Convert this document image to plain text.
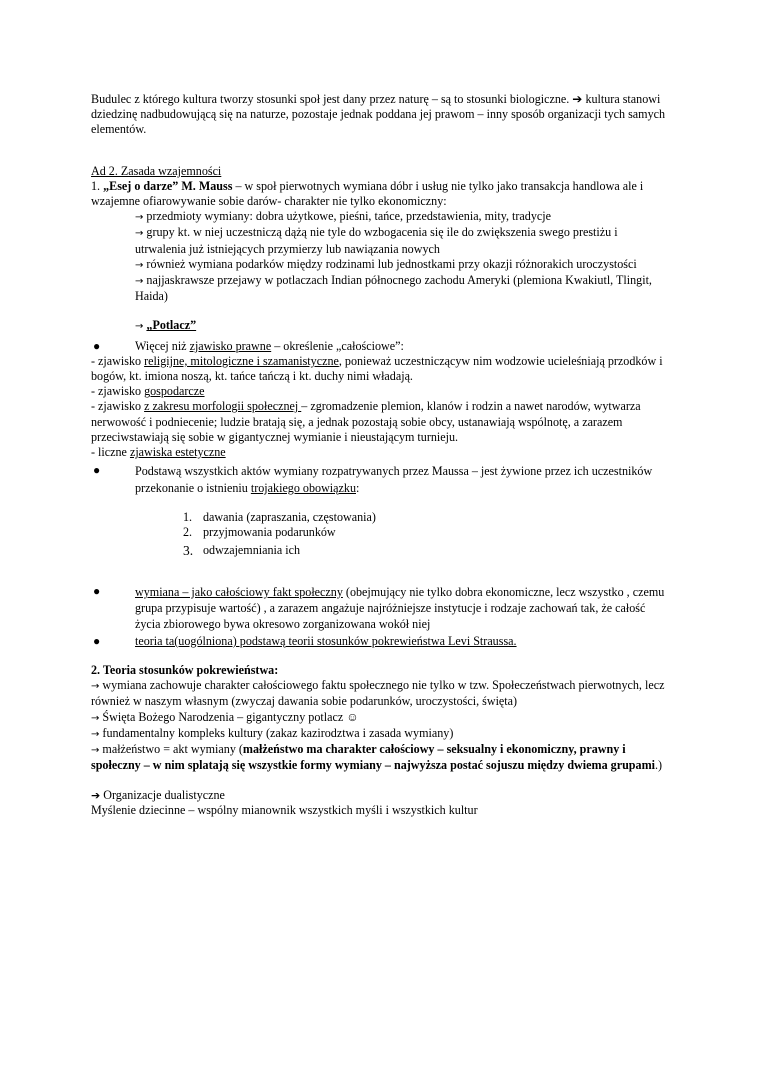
Budulec z którego kultura tworzy stosunki społ jest dany przez naturę – są to stosunki biologiczne. ➔ kultura stanowi dziedzinę nadbudowującą się na naturze, pozostaje jednak poddana jej prawom – inny sposób organizacji tych samych elementów.

Ad 2. Zasada wzajemności

1. „Esej o darze” M. Mauss – w społ pierwotnych wymiana dóbr i usług nie tylko jako transakcja handlowa ale i wzajemne ofiarowywanie sobie darów- charakter nie tylko ekonomiczny:

→ przedmioty wymiany: dobra użytkowe, pieśni, tańce, przedstawienia, mity, tradycje

→ grupy kt. w niej uczestniczą dążą nie tyle do wzbogacenia się ile do zwiększenia swego prestiżu i utrwalenia już istniejących przymierzy lub nawiązania nowych

→ również wymiana podarków między rodzinami lub jednostkami przy okazji różnorakich uroczystości

→ najjaskrawsze przejawy w potlaczach Indian północnego zachodu Ameryki (plemiona Kwakiutl, Tlingit, Haida)

→ „Potlacz”

●	Więcej niż zjawisko prawne – określenie „całościowe”:

- zjawisko religijne, mitologiczne i szamanistyczne, ponieważ uczestniczącyw nim wodzowie ucieleśniają przodków i bogów, kt. imiona noszą, kt. tańce tańczą i kt. duchy nimi władają.

- zjawisko gospodarcze

- zjawisko z zakresu morfologii społecznej – zgromadzenie plemion, klanów i rodzin a nawet narodów, wytwarza nerwowość i podniecenie; ludzie bratają się, a jednak pozostają sobie obcy, ustanawiają wspólnotę, a zarazem przeciwstawiają się sobie w gigantycznej wymianie i nieustającym turnieju.

- liczne zjawiska estetyczne

●	Podstawą wszystkich aktów wymiany rozpatrywanych przez Maussa – jest żywione przez ich uczestników przekonanie o istnieniu trojakiego obowiązku:

1. dawania (zapraszania, częstowania)

2. przyjmowania podarunków

3. odwzajemniania ich

●	wymiana – jako całościowy fakt społeczny (obejmujący nie tylko dobra ekonomiczne, lecz wszystko , czemu grupa przypisuje wartość) , a zarazem angażuje najróżniejsze instytucje i rodzaje zachowań tak, że całość życia zbiorowego bywa okresowo zorganizowana wokół niej

●	teoria ta(uogólniona) podstawą teorii stosunków pokrewieństwa Levi Straussa.

2. Teoria stosunków pokrewieństwa:

→ wymiana zachowuje charakter całościowego faktu społecznego nie tylko w tzw. Społeczeństwach pierwotnych, lecz również w naszym własnym (zwyczaj dawania sobie podarunków, uroczystości, święta)

→ Święta Bożego Narodzenia – gigantyczny potlacz ☺

→ fundamentalny kompleks kultury (zakaz kazirodztwa i zasada wymiany)

→ małżeństwo = akt wymiany (małżeństwo ma charakter całościowy – seksualny i ekonomiczny, prawny i społeczny – w nim splatają się wszystkie formy wymiany – najwyższa postać sojuszu między dwiema grupami.)

➔ Organizacje dualistyczne

Myślenie dziecinne – wspólny mianownik wszystkich myśli i wszystkich kultur
